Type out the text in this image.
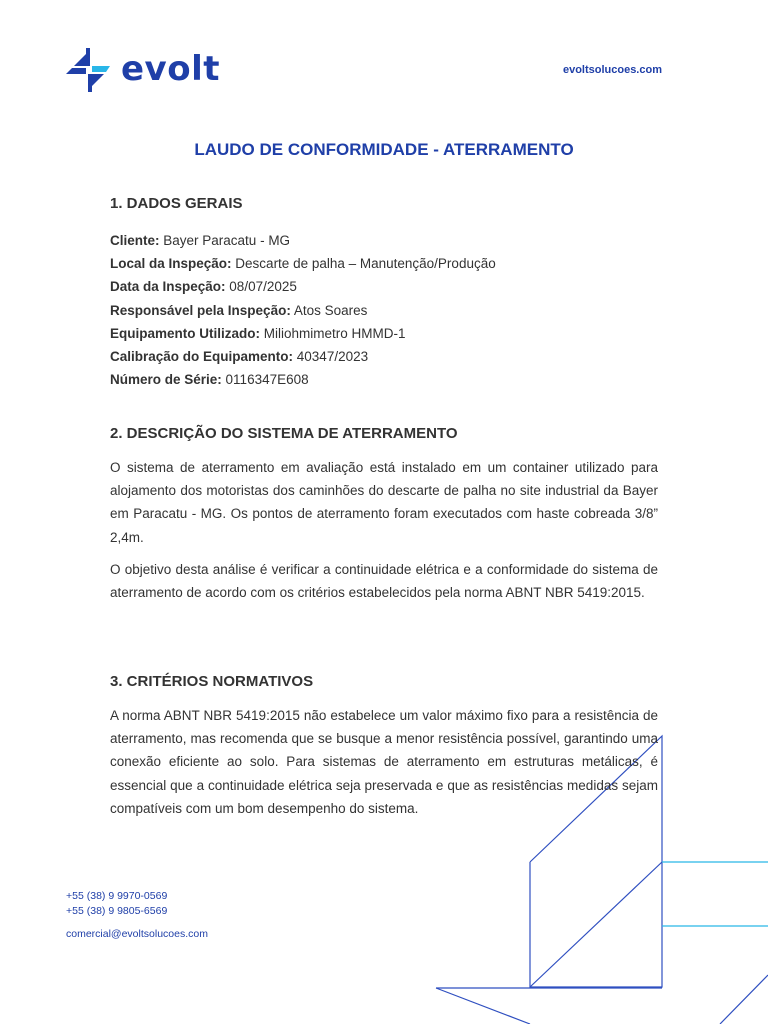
evolt	evoltsolucoes.com
LAUDO DE CONFORMIDADE - ATERRAMENTO
1. DADOS GERAIS
Cliente: Bayer Paracatu - MG
Local da Inspeção: Descarte de palha – Manutenção/Produção
Data da Inspeção: 08/07/2025
Responsável pela Inspeção: Atos Soares
Equipamento Utilizado: Miliohmimetro HMMD-1
Calibração do Equipamento: 40347/2023
Número de Série: 0116347E608
2. DESCRIÇÃO DO SISTEMA DE ATERRAMENTO
O sistema de aterramento em avaliação está instalado em um container utilizado para alojamento dos motoristas dos caminhões do descarte de palha no site industrial da Bayer em Paracatu - MG. Os pontos de aterramento foram executados com haste cobreada 3/8” 2,4m.
O objetivo desta análise é verificar a continuidade elétrica e a conformidade do sistema de aterramento de acordo com os critérios estabelecidos pela norma ABNT NBR 5419:2015.
3. CRITÉRIOS NORMATIVOS
A norma ABNT NBR 5419:2015 não estabelece um valor máximo fixo para a resistência de aterramento, mas recomenda que se busque a menor resistência possível, garantindo uma conexão eficiente ao solo. Para sistemas de aterramento em estruturas metálicas, é essencial que a continuidade elétrica seja preservada e que as resistências medidas sejam compatíveis com um bom desempenho do sistema.
+55 (38) 9 9970-0569
+55 (38) 9 9805-6569
comercial@evoltsolucoes.com
